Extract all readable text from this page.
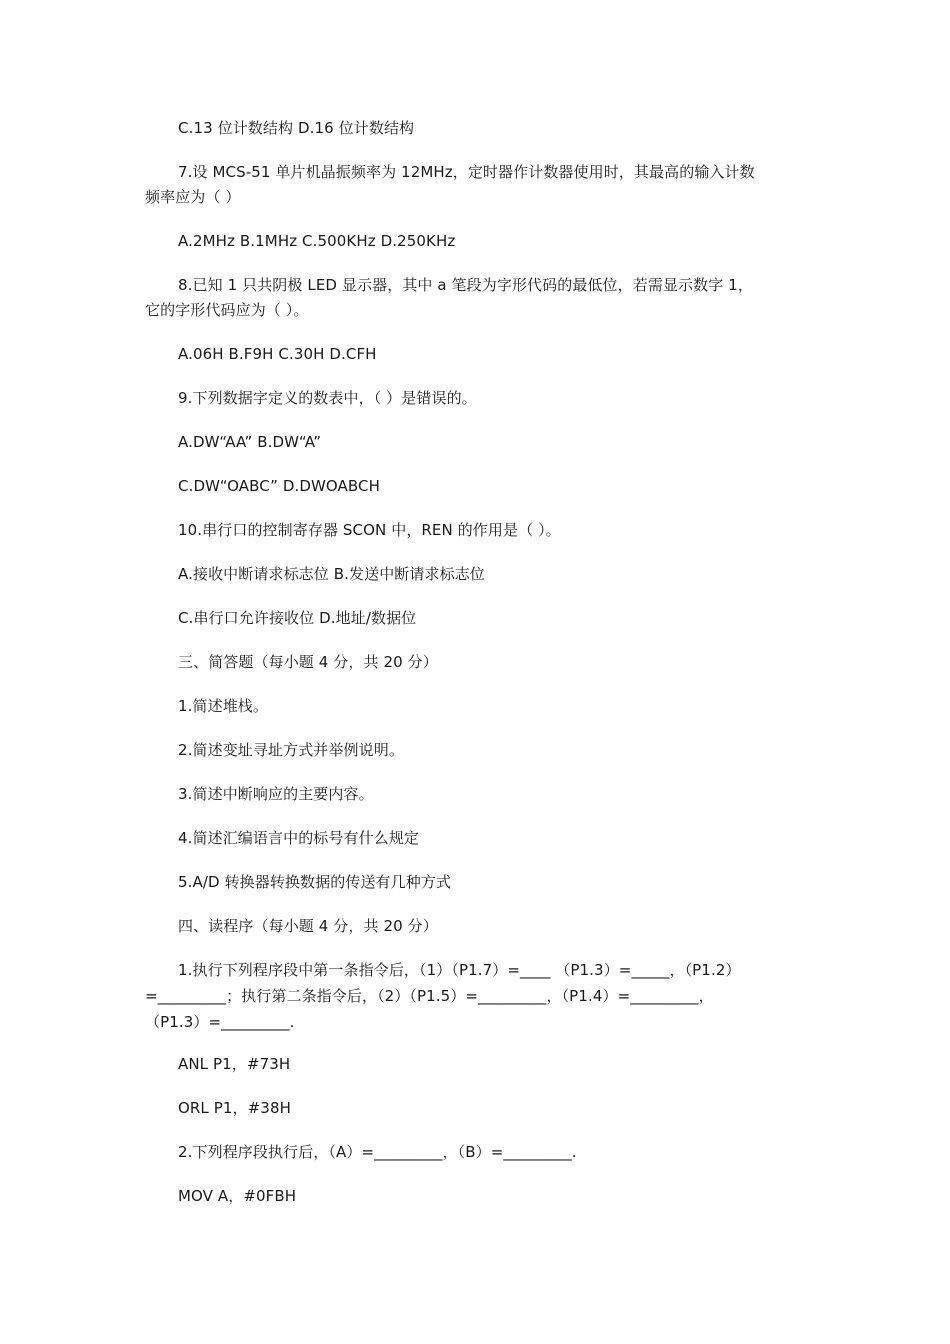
C.13 位计数结构 D.16 位计数结构
7.设 MCS-51 单片机晶振频率为 12MHz，定时器作计数器使用时，其最高的输入计数
频率应为（ ）
A.2MHz B.1MHz C.500KHz D.250KHz
8.已知 1 只共阴极 LED 显示器，其中 a 笔段为字形代码的最低位，若需显示数字 1，
它的字形代码应为（ ）。
A.06H B.F9H C.30H D.CFH
9.下列数据字定义的数表中，（ ）是错误的。
A.DW“AA” B.DW“A”
C.DW“OABC” D.DWOABCH
10.串行口的控制寄存器 SCON 中，REN 的作用是（ ）。
A.接收中断请求标志位 B.发送中断请求标志位
C.串行口允许接收位 D.地址/数据位
三、简答题（每小题 4 分，共 20 分）
1.简述堆栈。
2.简述变址寻址方式并举例说明。
3.简述中断响应的主要内容。
4.简述汇编语言中的标号有什么规定
5.A/D 转换器转换数据的传送有几种方式
四、读程序（每小题 4 分，共 20 分）
1.执行下列程序段中第一条指令后，（1）（P1.7）=____ （P1.3）=_____，（P1.2）
=_________；执行第二条指令后，（2）（P1.5）=_________，（P1.4）=_________，
（P1.3）=_________.
ANL P1，#73H
ORL P1，#38H
2.下列程序段执行后，（A）=_________，（B）=_________.
MOV A，#0FBH
